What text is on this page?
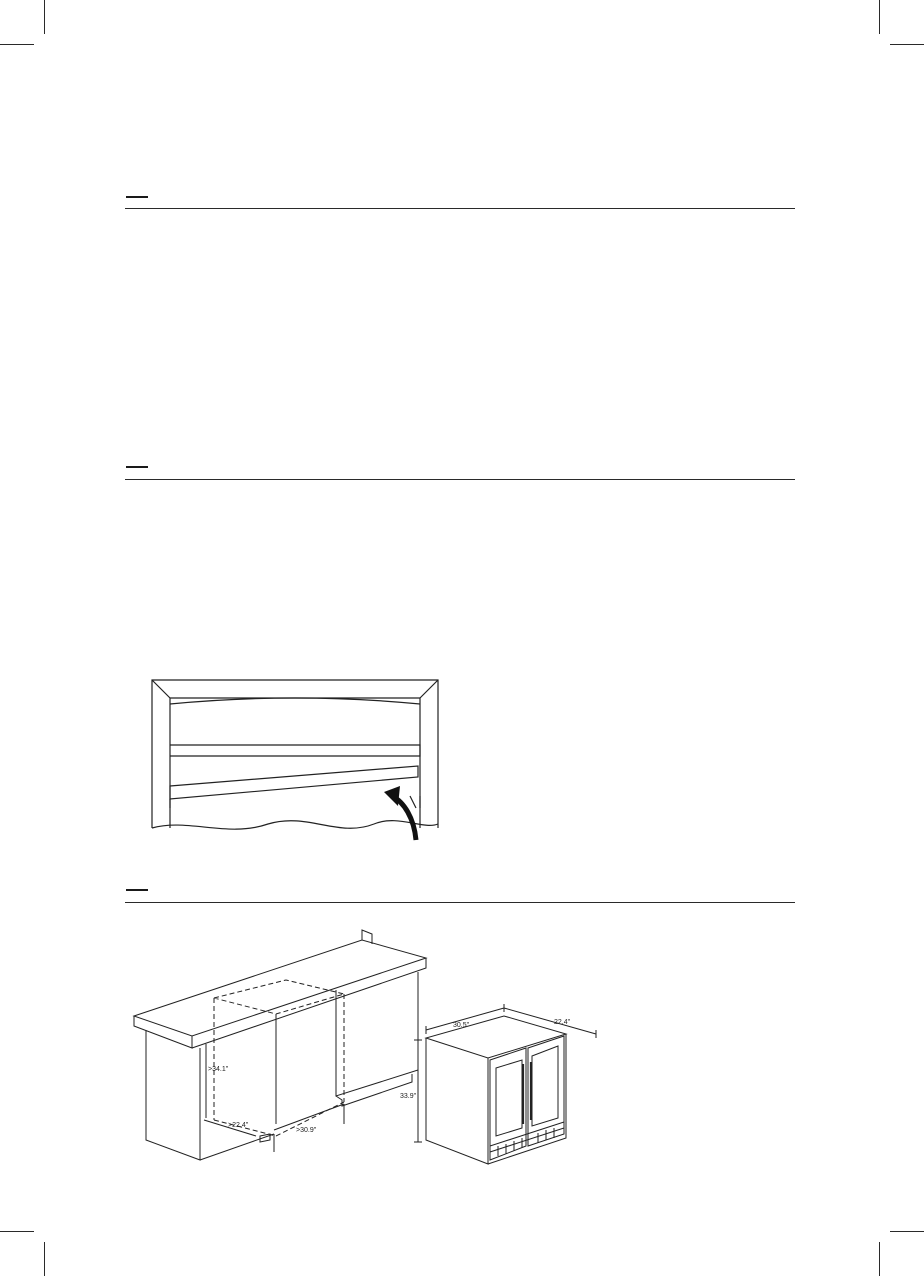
>34.1"
>22.4"
>30.9"
30.5"	22.4"
33.9"
